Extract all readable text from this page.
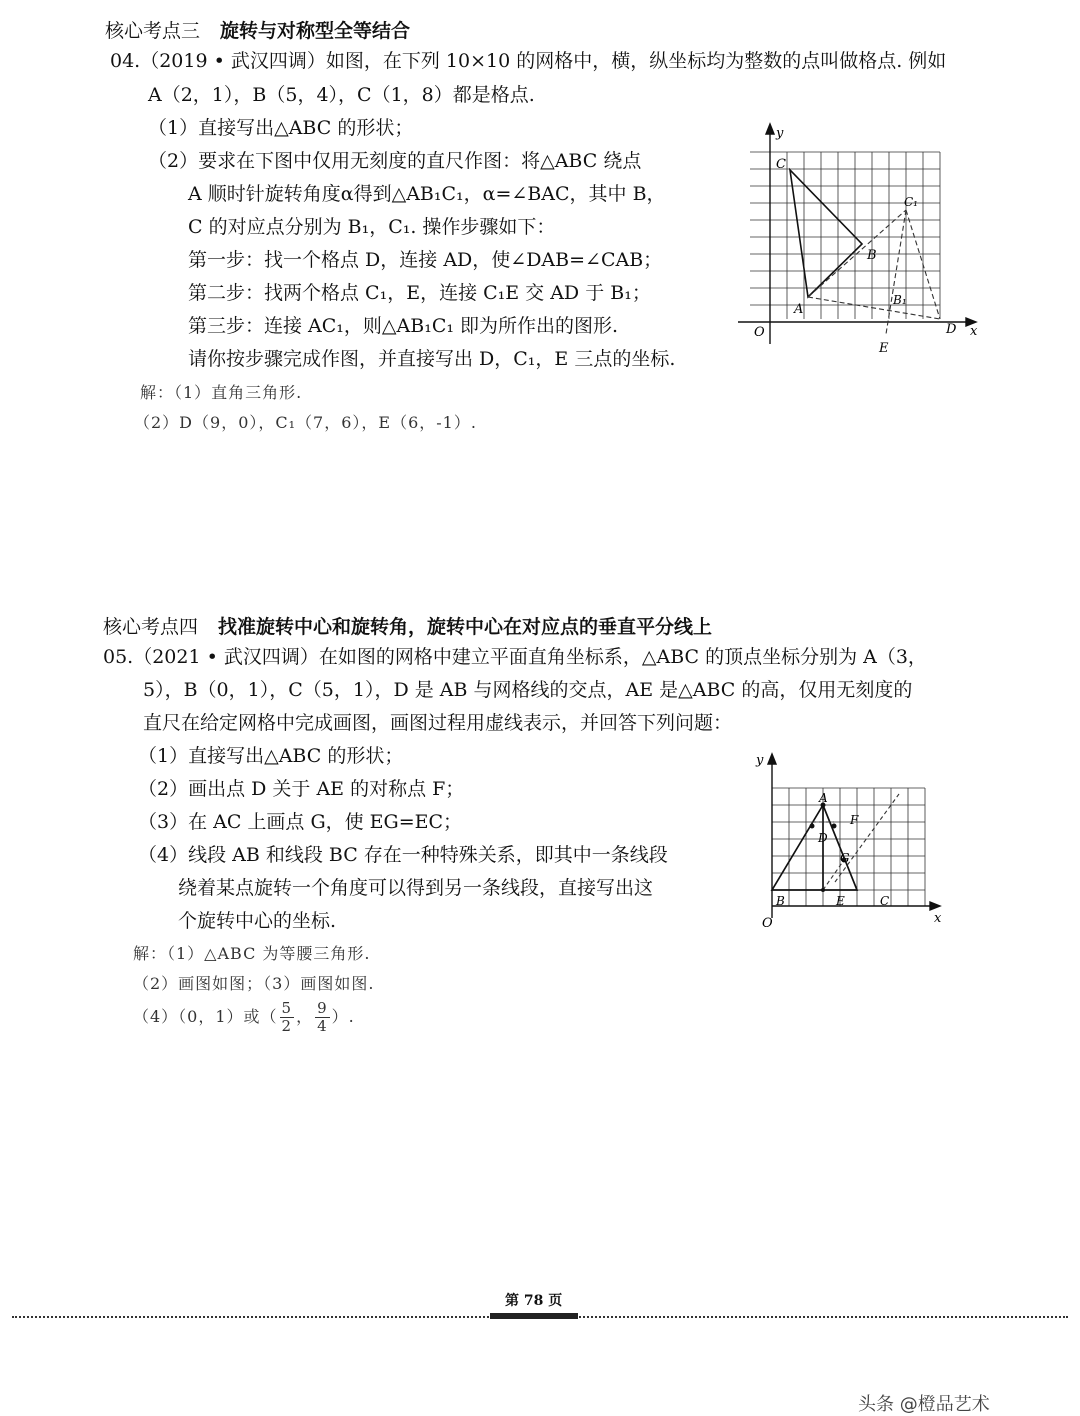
核心考点三 旋转与对称型全等结合
04.（2019 • 武汉四调）如图，在下列 10×10 的网格中，横，纵坐标均为整数的点叫做格点. 例如
A（2，1），B（5，4），C（1，8）都是格点.
（1）直接写出△ABC 的形状；
（2）要求在下图中仅用无刻度的直尺作图：将△ABC 绕点
A 顺时针旋转角度α得到△AB₁C₁，α=∠BAC，其中 B，
C 的对应点分别为 B₁，C₁. 操作步骤如下：
第一步：找一个格点 D，连接 AD，使∠DAB=∠CAB；
第二步：找两个格点 C₁，E，连接 C₁E 交 AD 于 B₁；
第三步：连接 AC₁，则△AB₁C₁ 即为所作出的图形.
请你按步骤完成作图，并直接写出 D，C₁，E 三点的坐标.
解：（1）直角三角形.
（2）D（9，0），C₁（7，6），E（6，-1）.
y
x
O
C
B
A
C₁
B₁
D
E
核心考点四 找准旋转中心和旋转角，旋转中心在对应点的垂直平分线上
05.（2021 • 武汉四调）在如图的网格中建立平面直角坐标系，△ABC 的顶点坐标分别为 A（3，
5），B（0，1），C（5，1），D 是 AB 与网格线的交点，AE 是△ABC 的高，仅用无刻度的
直尺在给定网格中完成画图，画图过程用虚线表示，并回答下列问题：
（1）直接写出△ABC 的形状；
（2）画出点 D 关于 AE 的对称点 F；
（3）在 AC 上画点 G，使 EG=EC；
（4）线段 AB 和线段 BC 存在一种特殊关系，即其中一条线段
绕着某点旋转一个角度可以得到另一条线段，直接写出这
个旋转中心的坐标.
解：（1）△ABC 为等腰三角形.
（2）画图如图；（3）画图如图.
（4）（0，1）或（ $\frac{5}{2}$ ， $\frac{9}{4}$ ）.
y
x
O
A
B	C
D
E
F
G
第 78 页
头条 @橙品艺术
